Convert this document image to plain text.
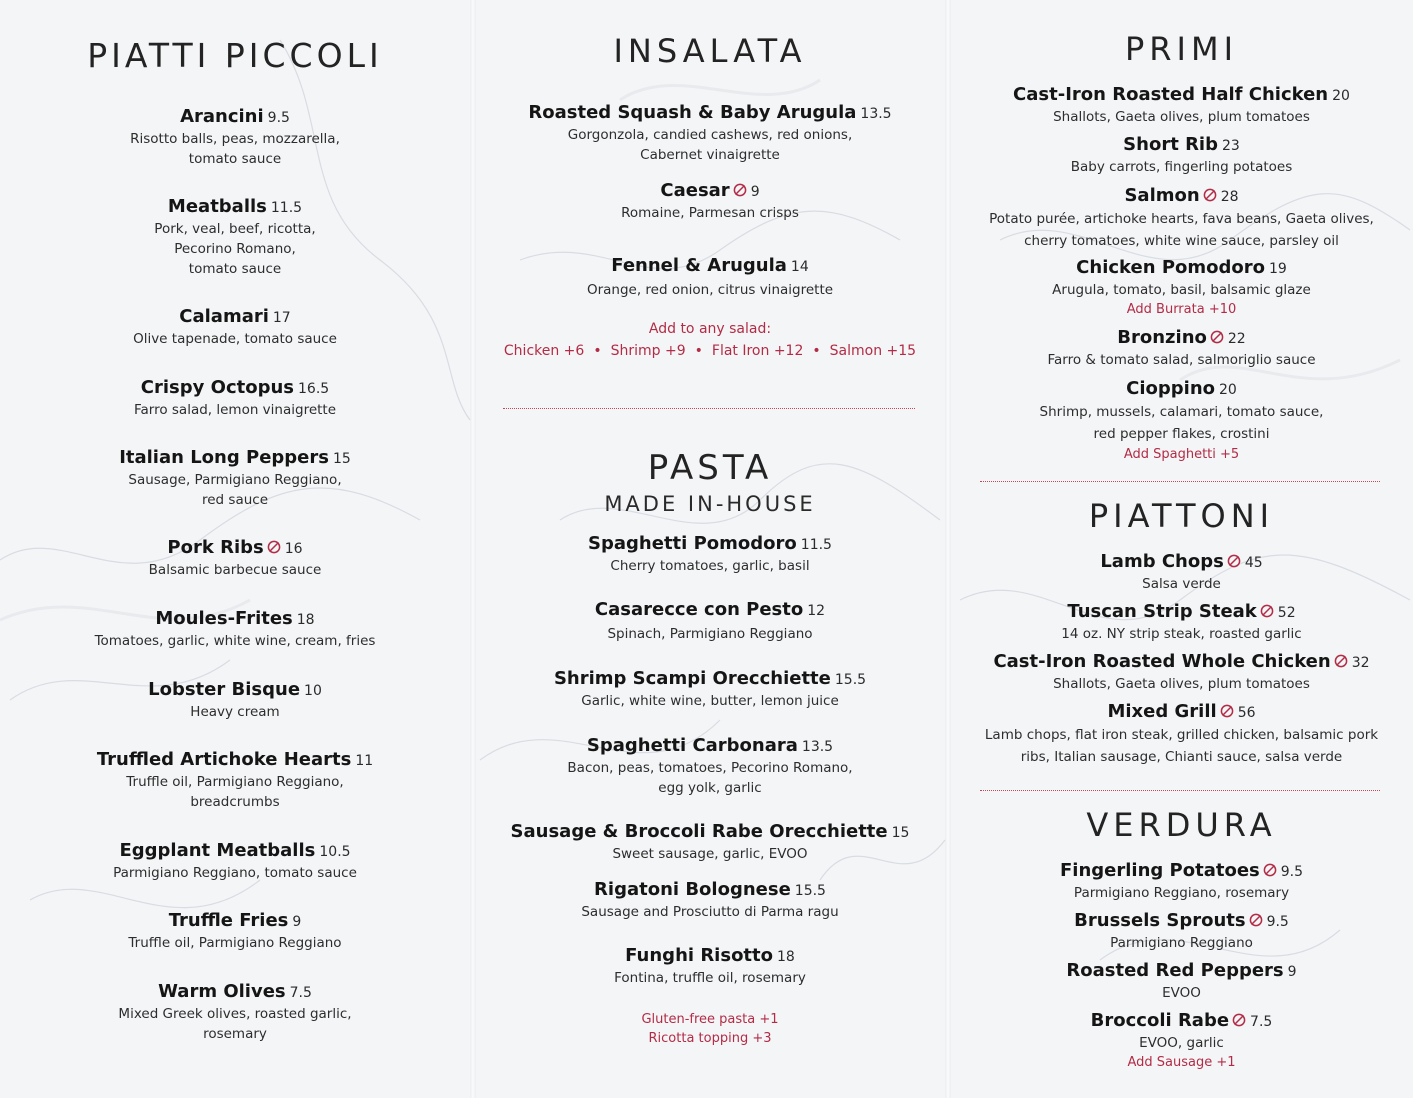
PIATTI PICCOLI
Arancini 9.5
Risotto balls, peas, mozzarella,
tomato sauce
Meatballs 11.5
Pork, veal, beef, ricotta,
Pecorino Romano,
tomato sauce
Calamari 17
Olive tapenade, tomato sauce
Crispy Octopus 16.5
Farro salad, lemon vinaigrette
Italian Long Peppers 15
Sausage, Parmigiano Reggiano,
red sauce
Pork Ribs 16
Balsamic barbecue sauce
Moules-Frites 18
Tomatoes, garlic, white wine, cream, fries
Lobster Bisque 10
Heavy cream
Truffled Artichoke Hearts 11
Truffle oil, Parmigiano Reggiano,
breadcrumbs
Eggplant Meatballs 10.5
Parmigiano Reggiano, tomato sauce
Truffle Fries 9
Truffle oil, Parmigiano Reggiano
Warm Olives 7.5
Mixed Greek olives, roasted garlic,
rosemary
INSALATA
Roasted Squash & Baby Arugula 13.5
Gorgonzola, candied cashews, red onions,
Cabernet vinaigrette
Caesar 9
Romaine, Parmesan crisps
Fennel & Arugula 14
Orange, red onion, citrus vinaigrette
Add to any salad:
Chicken +6 • Shrimp +9 • Flat Iron +12 • Salmon +15
PASTA
MADE IN-HOUSE
Spaghetti Pomodoro 11.5
Cherry tomatoes, garlic, basil
Casarecce con Pesto 12
Spinach, Parmigiano Reggiano
Shrimp Scampi Orecchiette 15.5
Garlic, white wine, butter, lemon juice
Spaghetti Carbonara 13.5
Bacon, peas, tomatoes, Pecorino Romano,
egg yolk, garlic
Sausage & Broccoli Rabe Orecchiette 15
Sweet sausage, garlic, EVOO
Rigatoni Bolognese 15.5
Sausage and Prosciutto di Parma ragu
Funghi Risotto 18
Fontina, truffle oil, rosemary
Gluten-free pasta +1
Ricotta topping +3
PRIMI
Cast-Iron Roasted Half Chicken 20
Shallots, Gaeta olives, plum tomatoes
Short Rib 23
Baby carrots, fingerling potatoes
Salmon 28
Potato purée, artichoke hearts, fava beans, Gaeta olives,
cherry tomatoes, white wine sauce, parsley oil
Chicken Pomodoro 19
Arugula, tomato, basil, balsamic glaze
Add Burrata +10
Bronzino 22
Farro & tomato salad, salmoriglio sauce
Cioppino 20
Shrimp, mussels, calamari, tomato sauce,
red pepper flakes, crostini
Add Spaghetti +5
PIATTONI
Lamb Chops 45
Salsa verde
Tuscan Strip Steak 52
14 oz. NY strip steak, roasted garlic
Cast-Iron Roasted Whole Chicken 32
Shallots, Gaeta olives, plum tomatoes
Mixed Grill 56
Lamb chops, flat iron steak, grilled chicken, balsamic pork
ribs, Italian sausage, Chianti sauce, salsa verde
VERDURA
Fingerling Potatoes 9.5
Parmigiano Reggiano, rosemary
Brussels Sprouts 9.5
Parmigiano Reggiano
Roasted Red Peppers 9
EVOO
Broccoli Rabe 7.5
EVOO, garlic
Add Sausage +1
